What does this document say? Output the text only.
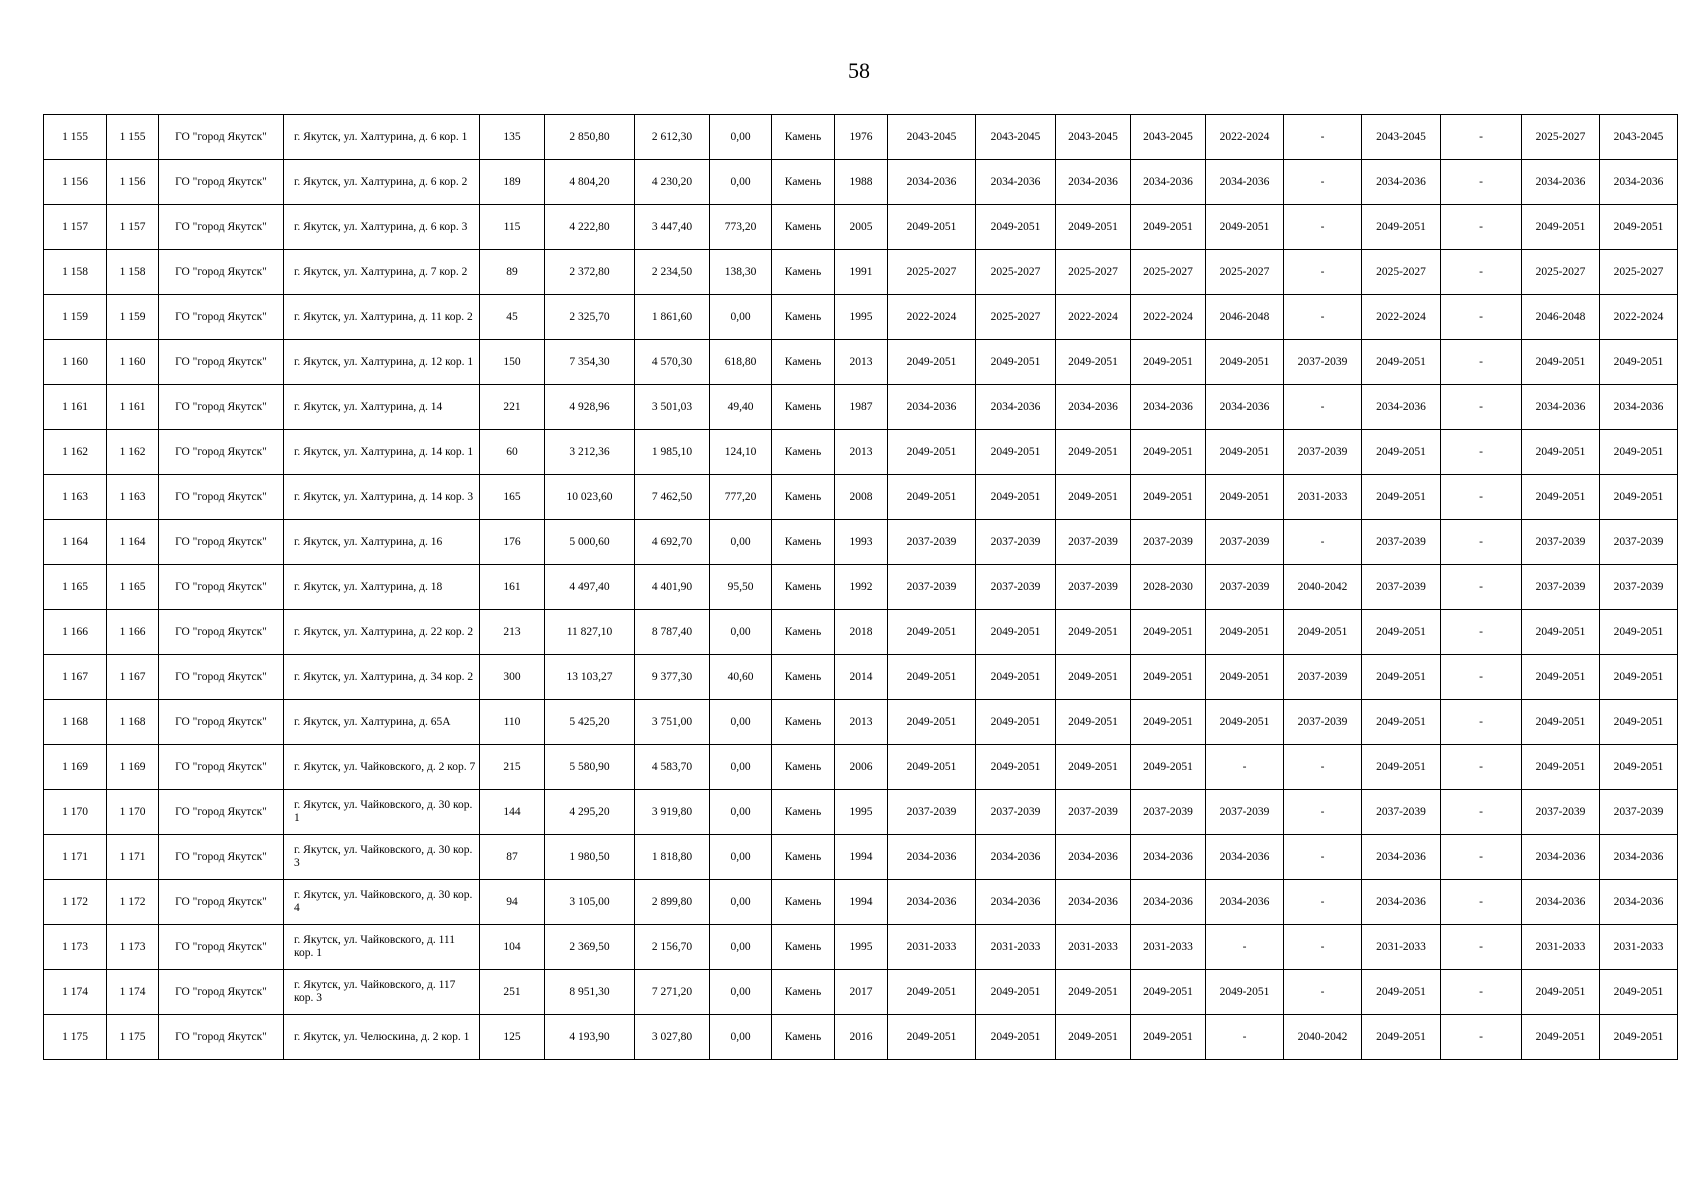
58
1 155	1 155	ГО "город Якутск"	г. Якутск, ул. Халтурина, д. 6 кор. 1	135	2 850,80	2 612,30	0,00	Камень	1976	2043-2045	2043-2045	2043-2045	2043-2045	2022-2024	-	2043-2045	-	2025-2027	2043-2045
1 156	1 156	ГО "город Якутск"	г. Якутск, ул. Халтурина, д. 6 кор. 2	189	4 804,20	4 230,20	0,00	Камень	1988	2034-2036	2034-2036	2034-2036	2034-2036	2034-2036	-	2034-2036	-	2034-2036	2034-2036
1 157	1 157	ГО "город Якутск"	г. Якутск, ул. Халтурина, д. 6 кор. 3	115	4 222,80	3 447,40	773,20	Камень	2005	2049-2051	2049-2051	2049-2051	2049-2051	2049-2051	-	2049-2051	-	2049-2051	2049-2051
1 158	1 158	ГО "город Якутск"	г. Якутск, ул. Халтурина, д. 7 кор. 2	89	2 372,80	2 234,50	138,30	Камень	1991	2025-2027	2025-2027	2025-2027	2025-2027	2025-2027	-	2025-2027	-	2025-2027	2025-2027
1 159	1 159	ГО "город Якутск"	г. Якутск, ул. Халтурина, д. 11 кор. 2	45	2 325,70	1 861,60	0,00	Камень	1995	2022-2024	2025-2027	2022-2024	2022-2024	2046-2048	-	2022-2024	-	2046-2048	2022-2024
1 160	1 160	ГО "город Якутск"	г. Якутск, ул. Халтурина, д. 12 кор. 1	150	7 354,30	4 570,30	618,80	Камень	2013	2049-2051	2049-2051	2049-2051	2049-2051	2049-2051	2037-2039	2049-2051	-	2049-2051	2049-2051
1 161	1 161	ГО "город Якутск"	г. Якутск, ул. Халтурина, д. 14	221	4 928,96	3 501,03	49,40	Камень	1987	2034-2036	2034-2036	2034-2036	2034-2036	2034-2036	-	2034-2036	-	2034-2036	2034-2036
1 162	1 162	ГО "город Якутск"	г. Якутск, ул. Халтурина, д. 14 кор. 1	60	3 212,36	1 985,10	124,10	Камень	2013	2049-2051	2049-2051	2049-2051	2049-2051	2049-2051	2037-2039	2049-2051	-	2049-2051	2049-2051
1 163	1 163	ГО "город Якутск"	г. Якутск, ул. Халтурина, д. 14 кор. 3	165	10 023,60	7 462,50	777,20	Камень	2008	2049-2051	2049-2051	2049-2051	2049-2051	2049-2051	2031-2033	2049-2051	-	2049-2051	2049-2051
1 164	1 164	ГО "город Якутск"	г. Якутск, ул. Халтурина, д. 16	176	5 000,60	4 692,70	0,00	Камень	1993	2037-2039	2037-2039	2037-2039	2037-2039	2037-2039	-	2037-2039	-	2037-2039	2037-2039
1 165	1 165	ГО "город Якутск"	г. Якутск, ул. Халтурина, д. 18	161	4 497,40	4 401,90	95,50	Камень	1992	2037-2039	2037-2039	2037-2039	2028-2030	2037-2039	2040-2042	2037-2039	-	2037-2039	2037-2039
1 166	1 166	ГО "город Якутск"	г. Якутск, ул. Халтурина, д. 22 кор. 2	213	11 827,10	8 787,40	0,00	Камень	2018	2049-2051	2049-2051	2049-2051	2049-2051	2049-2051	2049-2051	2049-2051	-	2049-2051	2049-2051
1 167	1 167	ГО "город Якутск"	г. Якутск, ул. Халтурина, д. 34 кор. 2	300	13 103,27	9 377,30	40,60	Камень	2014	2049-2051	2049-2051	2049-2051	2049-2051	2049-2051	2037-2039	2049-2051	-	2049-2051	2049-2051
1 168	1 168	ГО "город Якутск"	г. Якутск, ул. Халтурина, д. 65А	110	5 425,20	3 751,00	0,00	Камень	2013	2049-2051	2049-2051	2049-2051	2049-2051	2049-2051	2037-2039	2049-2051	-	2049-2051	2049-2051
1 169	1 169	ГО "город Якутск"	г. Якутск, ул. Чайковского, д. 2 кор. 7	215	5 580,90	4 583,70	0,00	Камень	2006	2049-2051	2049-2051	2049-2051	2049-2051	-	-	2049-2051	-	2049-2051	2049-2051
1 170	1 170	ГО "город Якутск"	г. Якутск, ул. Чайковского, д. 30 кор. 1	144	4 295,20	3 919,80	0,00	Камень	1995	2037-2039	2037-2039	2037-2039	2037-2039	2037-2039	-	2037-2039	-	2037-2039	2037-2039
1 171	1 171	ГО "город Якутск"	г. Якутск, ул. Чайковского, д. 30 кор. 3	87	1 980,50	1 818,80	0,00	Камень	1994	2034-2036	2034-2036	2034-2036	2034-2036	2034-2036	-	2034-2036	-	2034-2036	2034-2036
1 172	1 172	ГО "город Якутск"	г. Якутск, ул. Чайковского, д. 30 кор. 4	94	3 105,00	2 899,80	0,00	Камень	1994	2034-2036	2034-2036	2034-2036	2034-2036	2034-2036	-	2034-2036	-	2034-2036	2034-2036
1 173	1 173	ГО "город Якутск"	г. Якутск, ул. Чайковского, д. 111 кор. 1	104	2 369,50	2 156,70	0,00	Камень	1995	2031-2033	2031-2033	2031-2033	2031-2033	-	-	2031-2033	-	2031-2033	2031-2033
1 174	1 174	ГО "город Якутск"	г. Якутск, ул. Чайковского, д. 117 кор. 3	251	8 951,30	7 271,20	0,00	Камень	2017	2049-2051	2049-2051	2049-2051	2049-2051	2049-2051	-	2049-2051	-	2049-2051	2049-2051
1 175	1 175	ГО "город Якутск"	г. Якутск, ул. Челюскина, д. 2 кор. 1	125	4 193,90	3 027,80	0,00	Камень	2016	2049-2051	2049-2051	2049-2051	2049-2051	-	2040-2042	2049-2051	-	2049-2051	2049-2051
